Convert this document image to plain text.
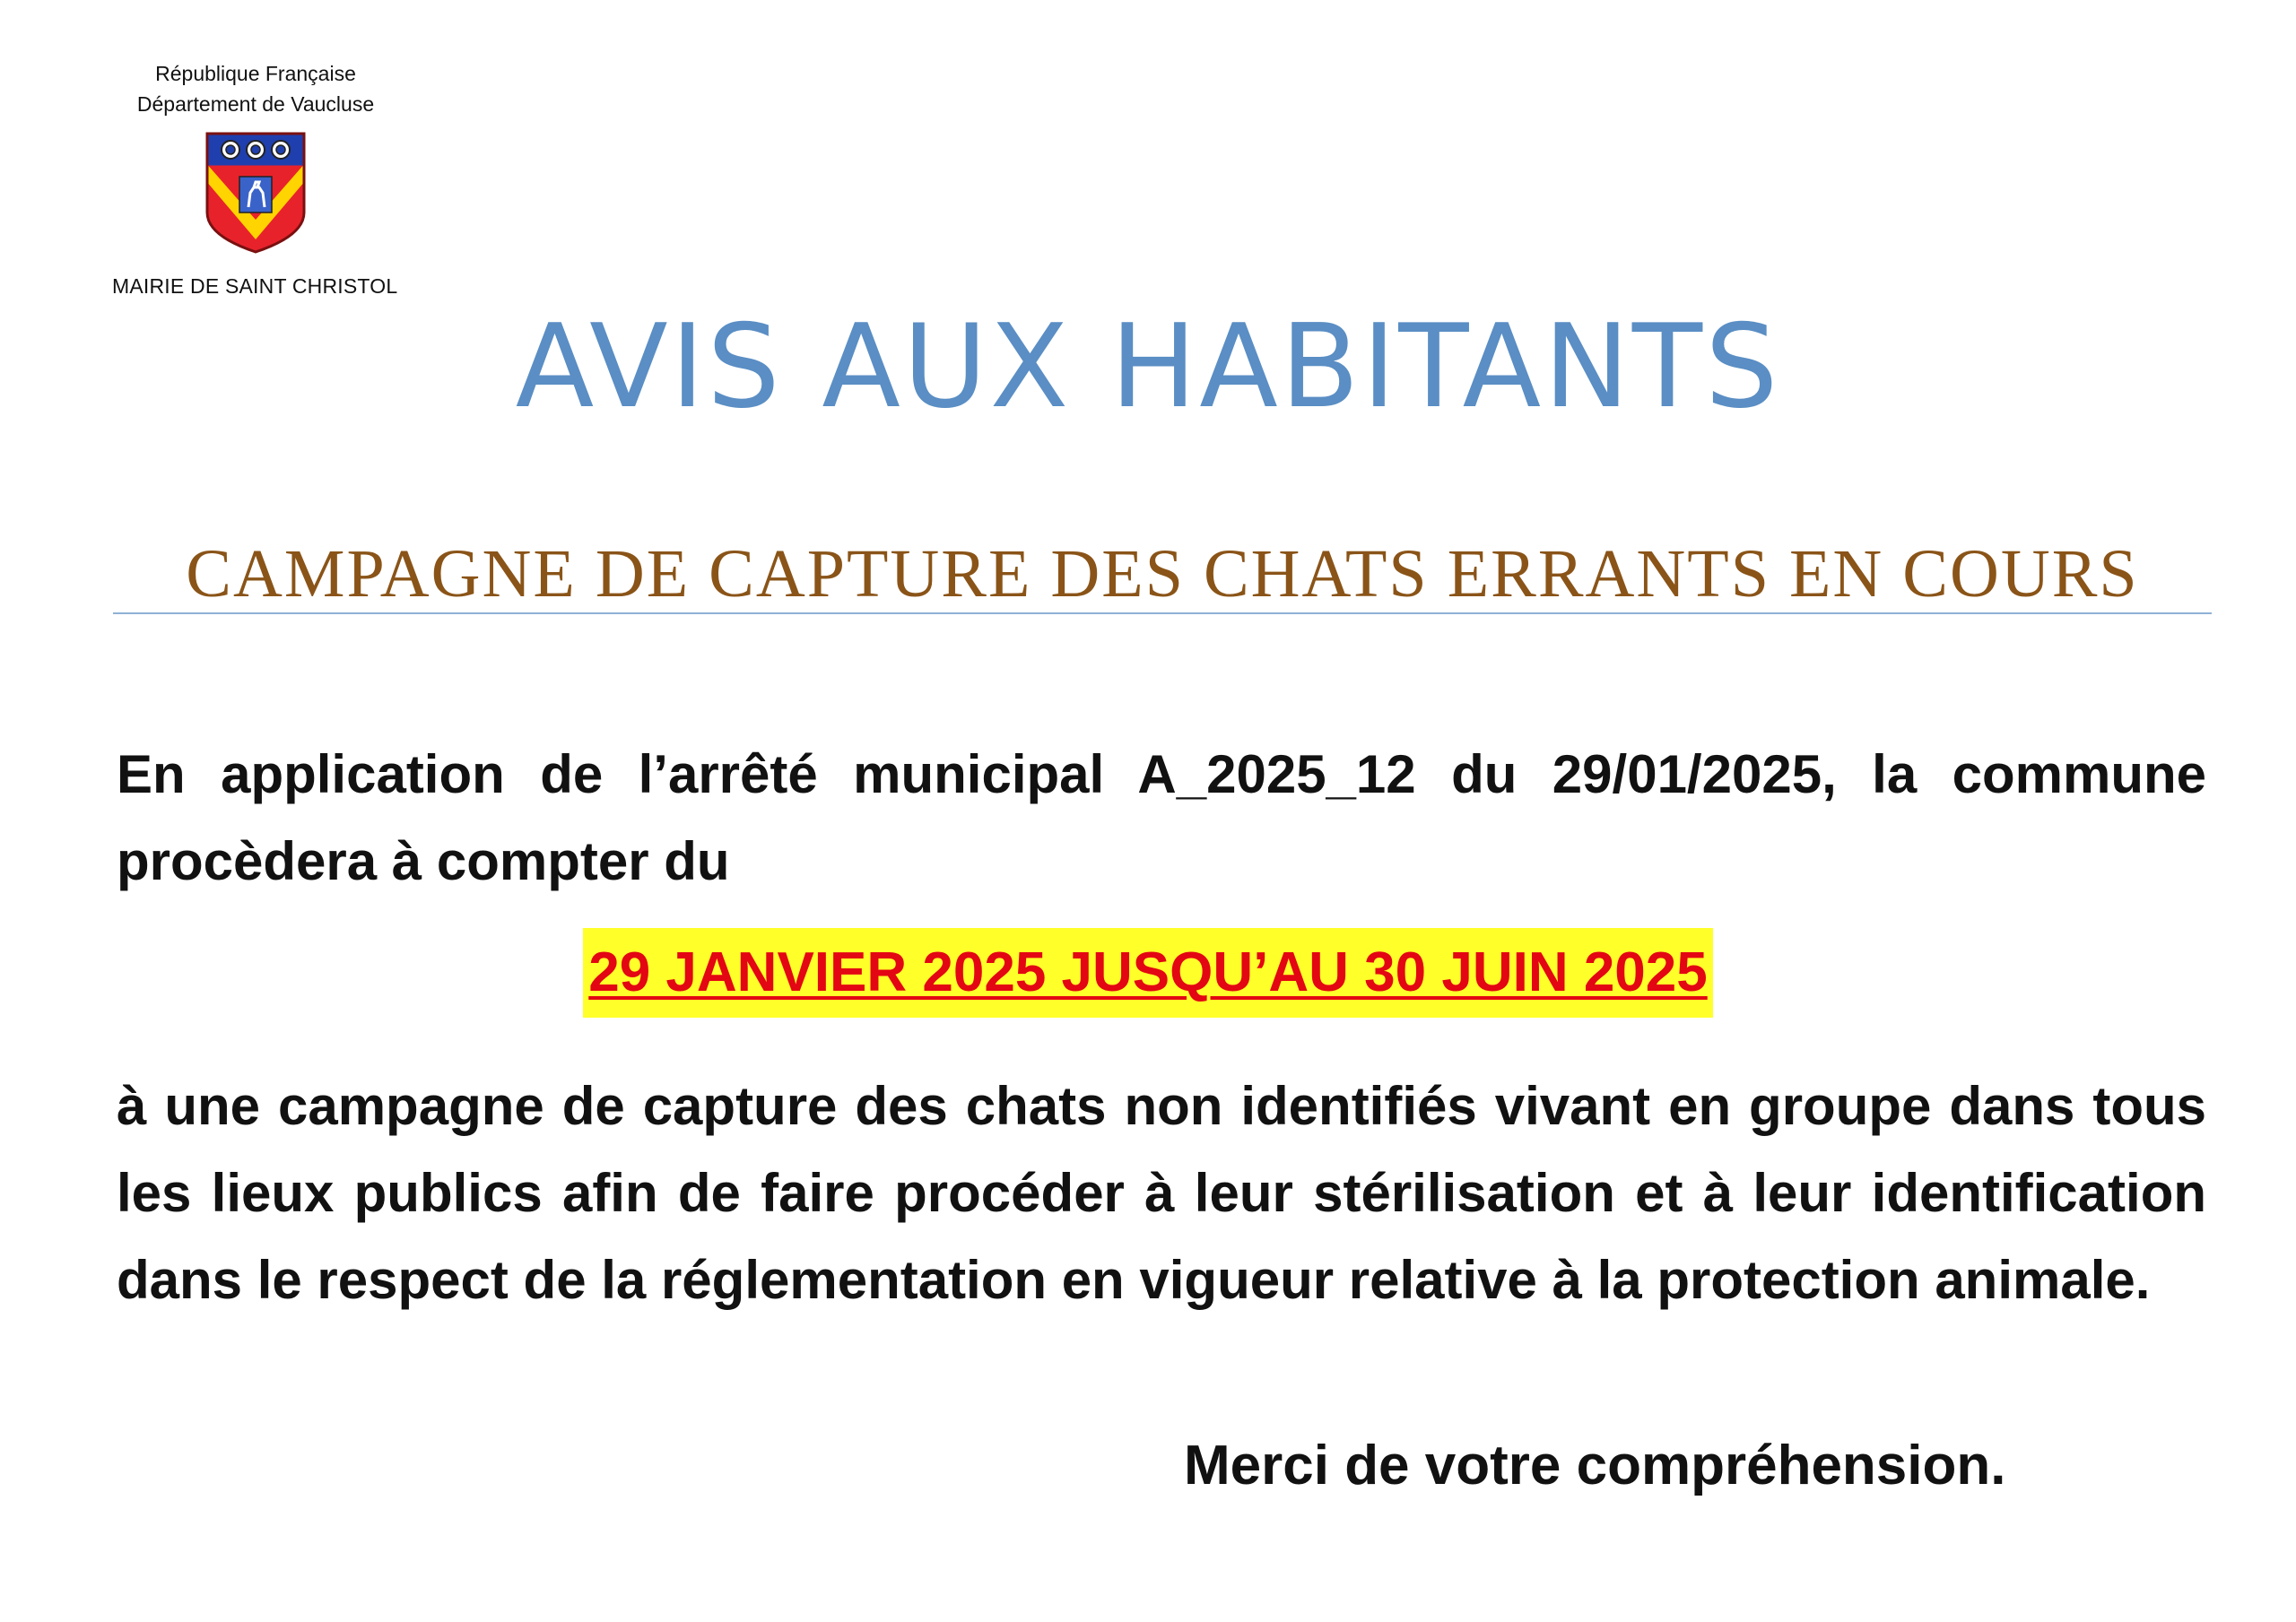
République Française
Département de Vaucluse
MAIRIE DE SAINT CHRISTOL
AVIS AUX HABITANTS
CAMPAGNE DE CAPTURE DES CHATS ERRANTS EN COURS
En application de l’arrêté municipal A_2025_12 du 29/01/2025, la commune procèdera à compter du
29 JANVIER 2025 JUSQU’AU 30 JUIN 2025
à une campagne de capture des chats non identifiés vivant en groupe dans tous les lieux publics afin de faire procéder à leur stérilisation et à leur identification dans le respect de la réglementation en vigueur relative à la protection animale.
Merci de votre compréhension.
